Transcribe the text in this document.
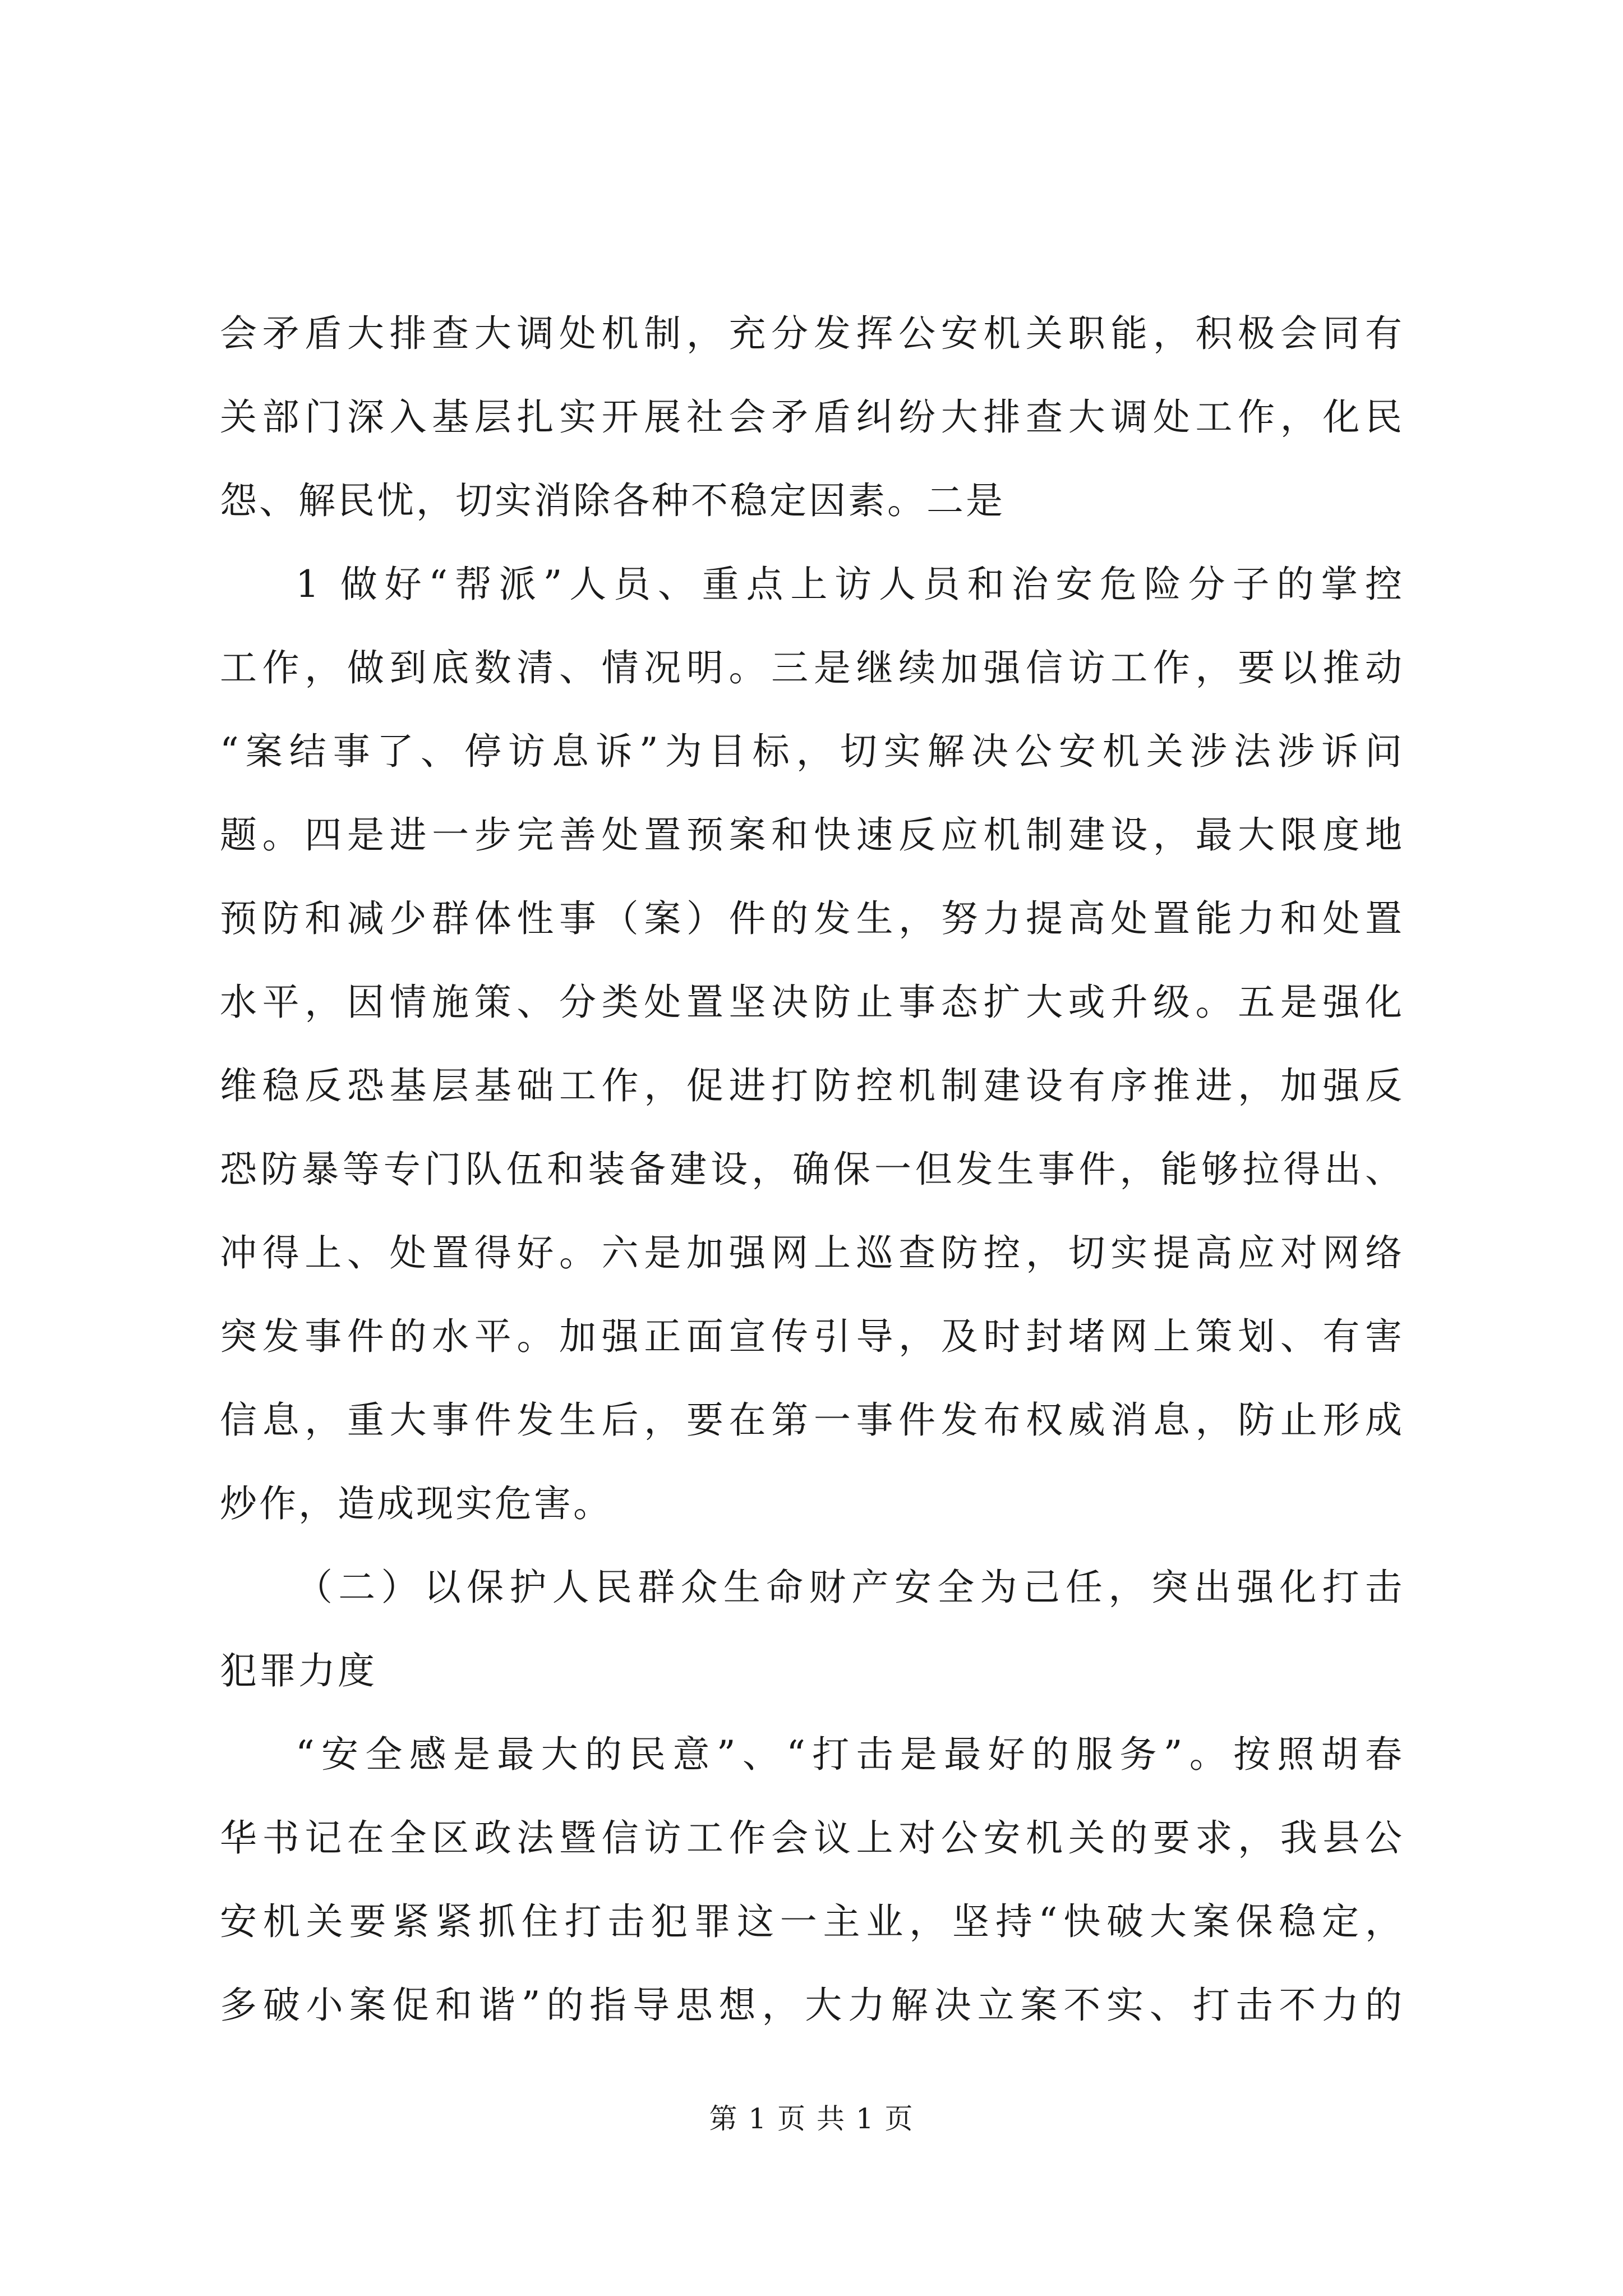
会矛盾大排查大调处机制，充分发挥公安机关职能，积极会同有
关部门深入基层扎实开展社会矛盾纠纷大排查大调处工作，化民
怨、解民忧，切实消除各种不稳定因素。二是
1 做好“帮派”人员、重点上访人员和治安危险分子的掌控
工作，做到底数清、情况明。三是继续加强信访工作，要以推动
“案结事了、停访息诉”为目标，切实解决公安机关涉法涉诉问
题。四是进一步完善处置预案和快速反应机制建设，最大限度地
预防和减少群体性事（案）件的发生，努力提高处置能力和处置
水平，因情施策、分类处置坚决防止事态扩大或升级。五是强化
维稳反恐基层基础工作，促进打防控机制建设有序推进，加强反
恐防暴等专门队伍和装备建设，确保一但发生事件，能够拉得出、
冲得上、处置得好。六是加强网上巡查防控，切实提高应对网络
突发事件的水平。加强正面宣传引导，及时封堵网上策划、有害
信息，重大事件发生后，要在第一事件发布权威消息，防止形成
炒作，造成现实危害。
（二）以保护人民群众生命财产安全为己任，突出强化打击
犯罪力度
“安全感是最大的民意”、“打击是最好的服务”。按照胡春
华书记在全区政法暨信访工作会议上对公安机关的要求，我县公
安机关要紧紧抓住打击犯罪这一主业，坚持“快破大案保稳定，
多破小案促和谐”的指导思想，大力解决立案不实、打击不力的
第 1 页 共 1 页
